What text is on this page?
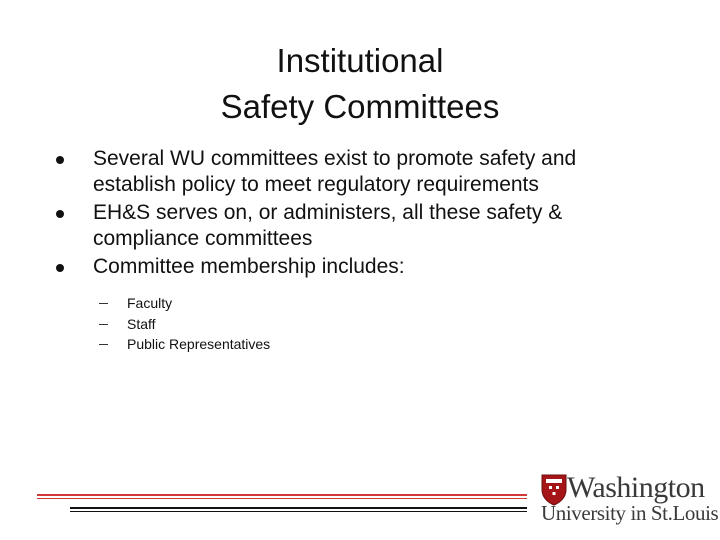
Institutional
Safety Committees
Several WU committees exist to promote safety and
establish policy to meet regulatory requirements
EH&S serves on, or administers, all these safety &
compliance committees
Committee membership includes:
Faculty
Staff
Public Representatives
Washington
University in St.Louis
